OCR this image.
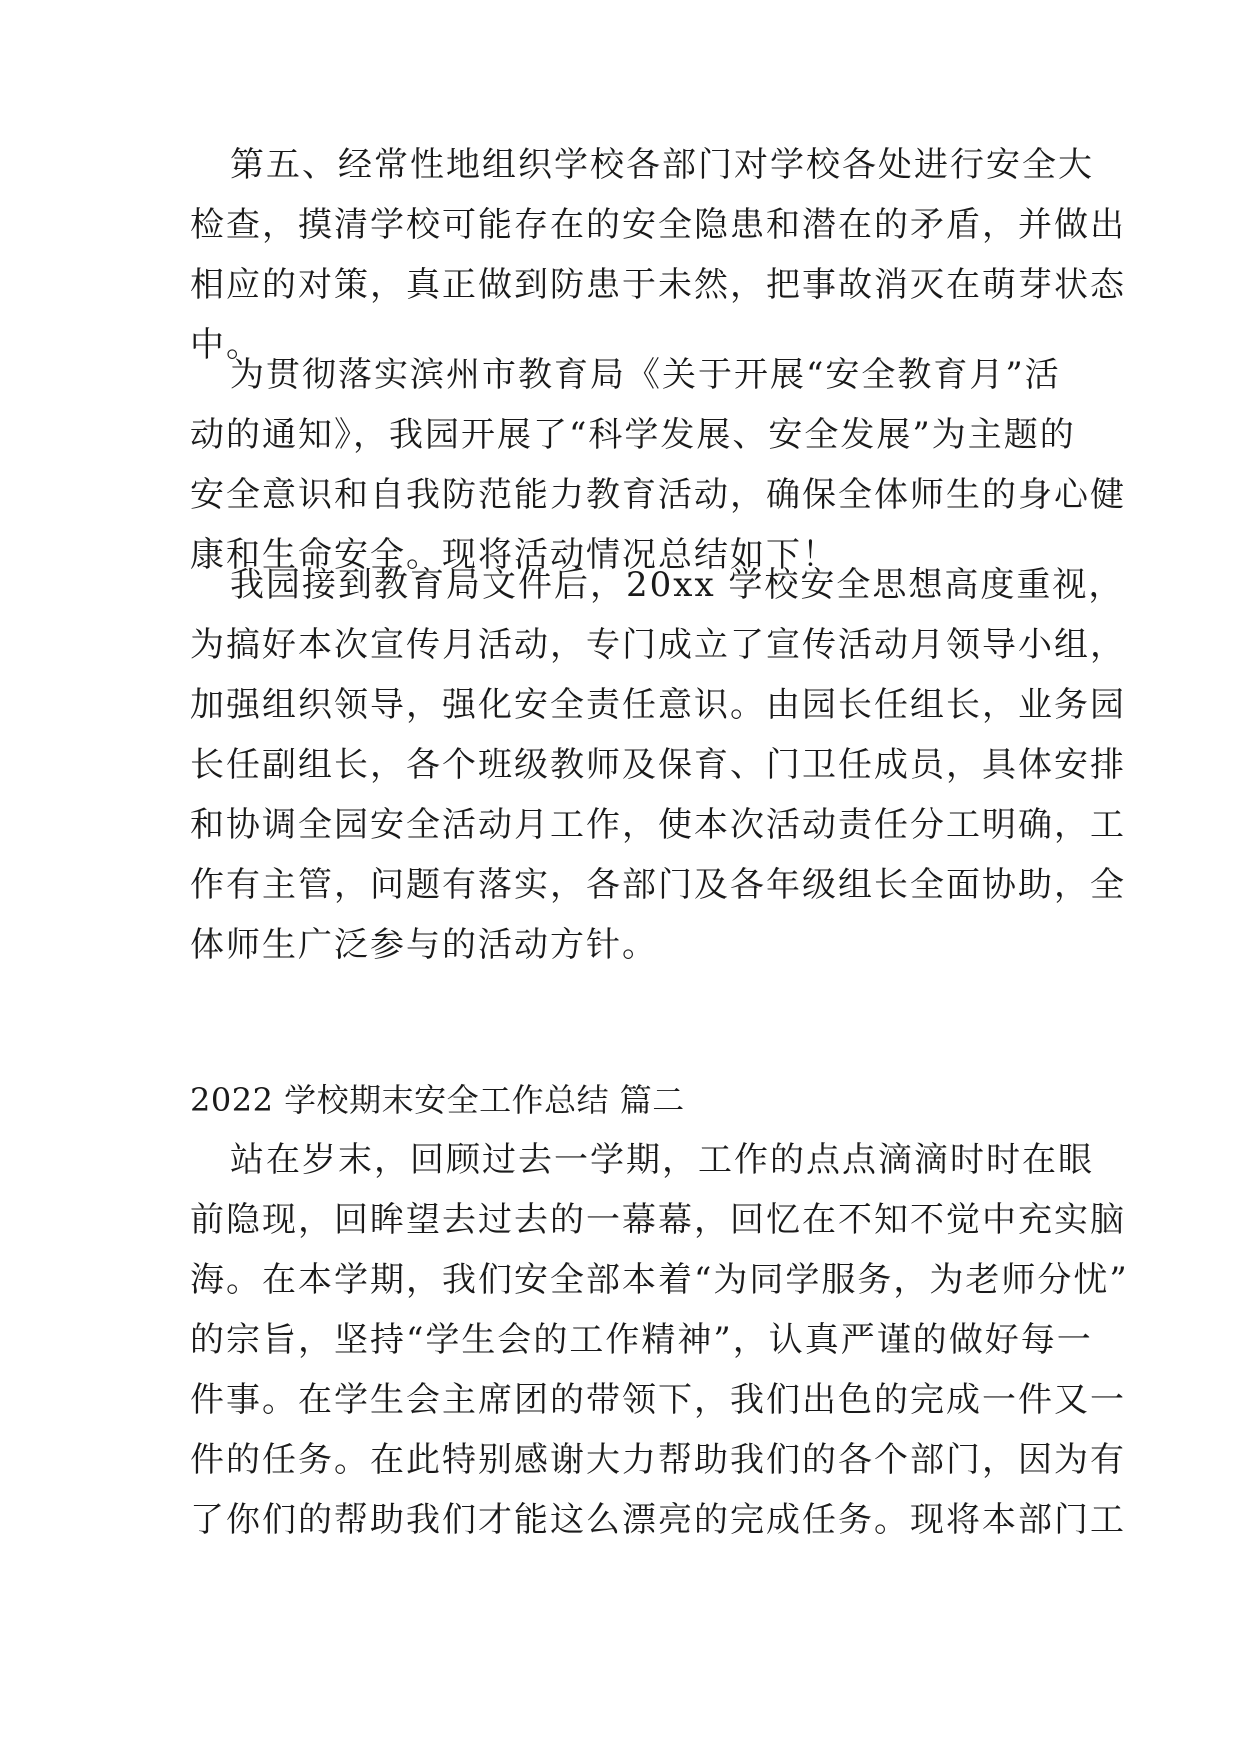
第五、经常性地组织学校各部门对学校各处进行安全大
检查，摸清学校可能存在的安全隐患和潜在的矛盾，并做出
相应的对策，真正做到防患于未然，把事故消灭在萌芽状态
中。
为贯彻落实滨州市教育局《关于开展“安全教育月”活
动的通知》，我园开展了“科学发展、安全发展”为主题的
安全意识和自我防范能力教育活动，确保全体师生的身心健
康和生命安全。现将活动情况总结如下！
我园接到教育局文件后，20xx 学校安全思想高度重视，
为搞好本次宣传月活动，专门成立了宣传活动月领导小组，
加强组织领导，强化安全责任意识。由园长任组长，业务园
长任副组长，各个班级教师及保育、门卫任成员，具体安排
和协调全园安全活动月工作，使本次活动责任分工明确，工
作有主管，问题有落实，各部门及各年级组长全面协助，全
体师生广泛参与的活动方针。
2022 学校期末安全工作总结 篇二
站在岁末，回顾过去一学期，工作的点点滴滴时时在眼
前隐现，回眸望去过去的一幕幕，回忆在不知不觉中充实脑
海。在本学期，我们安全部本着“为同学服务，为老师分忧”
的宗旨，坚持“学生会的工作精神”，认真严谨的做好每一
件事。在学生会主席团的带领下，我们出色的完成一件又一
件的任务。在此特别感谢大力帮助我们的各个部门，因为有
了你们的帮助我们才能这么漂亮的完成任务。现将本部门工
